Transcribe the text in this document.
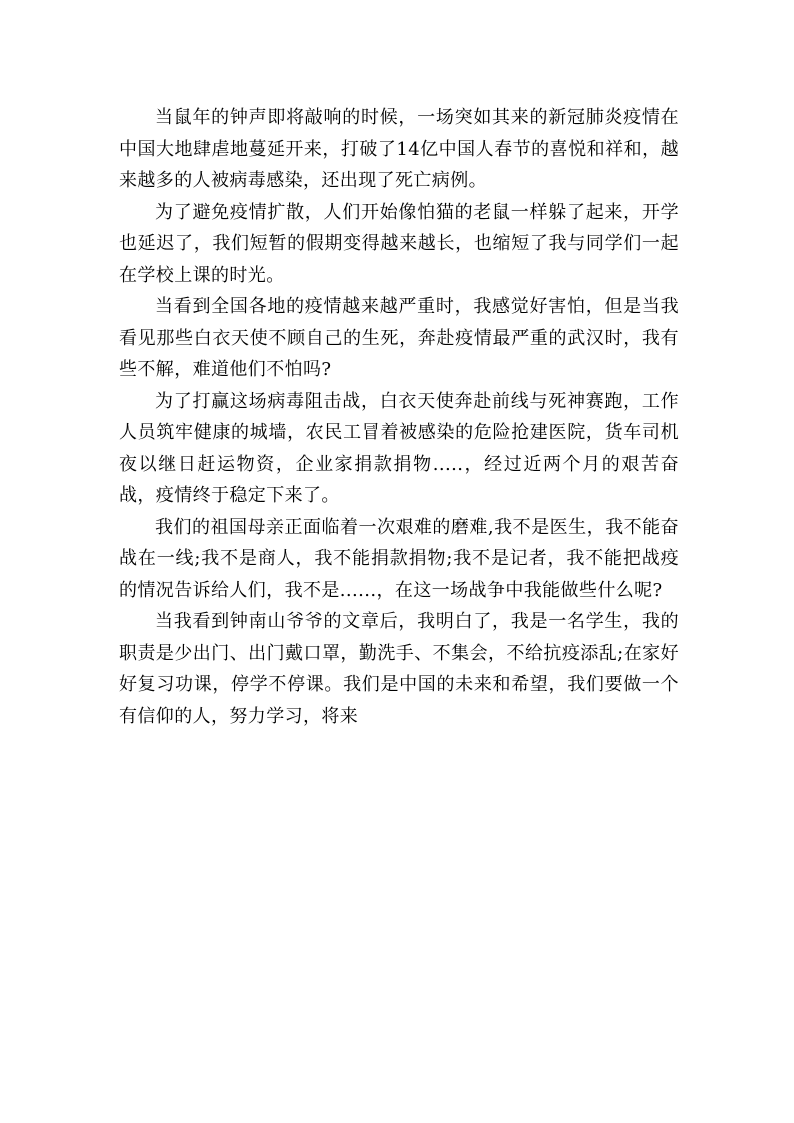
当鼠年的钟声即将敲响的时候，一场突如其来的新冠肺炎疫情在中国大地肆虐地蔓延开来，打破了14亿中国人春节的喜悦和祥和，越来越多的人被病毒感染，还出现了死亡病例。

为了避免疫情扩散，人们开始像怕猫的老鼠一样躲了起来，开学也延迟了，我们短暂的假期变得越来越长，也缩短了我与同学们一起在学校上课的时光。

当看到全国各地的疫情越来越严重时，我感觉好害怕，但是当我看见那些白衣天使不顾自己的生死，奔赴疫情最严重的武汉时，我有些不解，难道他们不怕吗?

为了打赢这场病毒阻击战，白衣天使奔赴前线与死神赛跑，工作人员筑牢健康的城墙，农民工冒着被感染的危险抢建医院，货车司机夜以继日赶运物资，企业家捐款捐物.....，经过近两个月的艰苦奋战，疫情终于稳定下来了。

我们的祖国母亲正面临着一次艰难的磨难,我不是医生，我不能奋战在一线;我不是商人，我不能捐款捐物;我不是记者，我不能把战疫的情况告诉给人们，我不是......，在这一场战争中我能做些什么呢?

当我看到钟南山爷爷的文章后，我明白了，我是一名学生，我的职责是少出门、出门戴口罩，勤洗手、不集会，不给抗疫添乱;在家好好复习功课，停学不停课。我们是中国的未来和希望，我们要做一个有信仰的人，努力学习，将来
